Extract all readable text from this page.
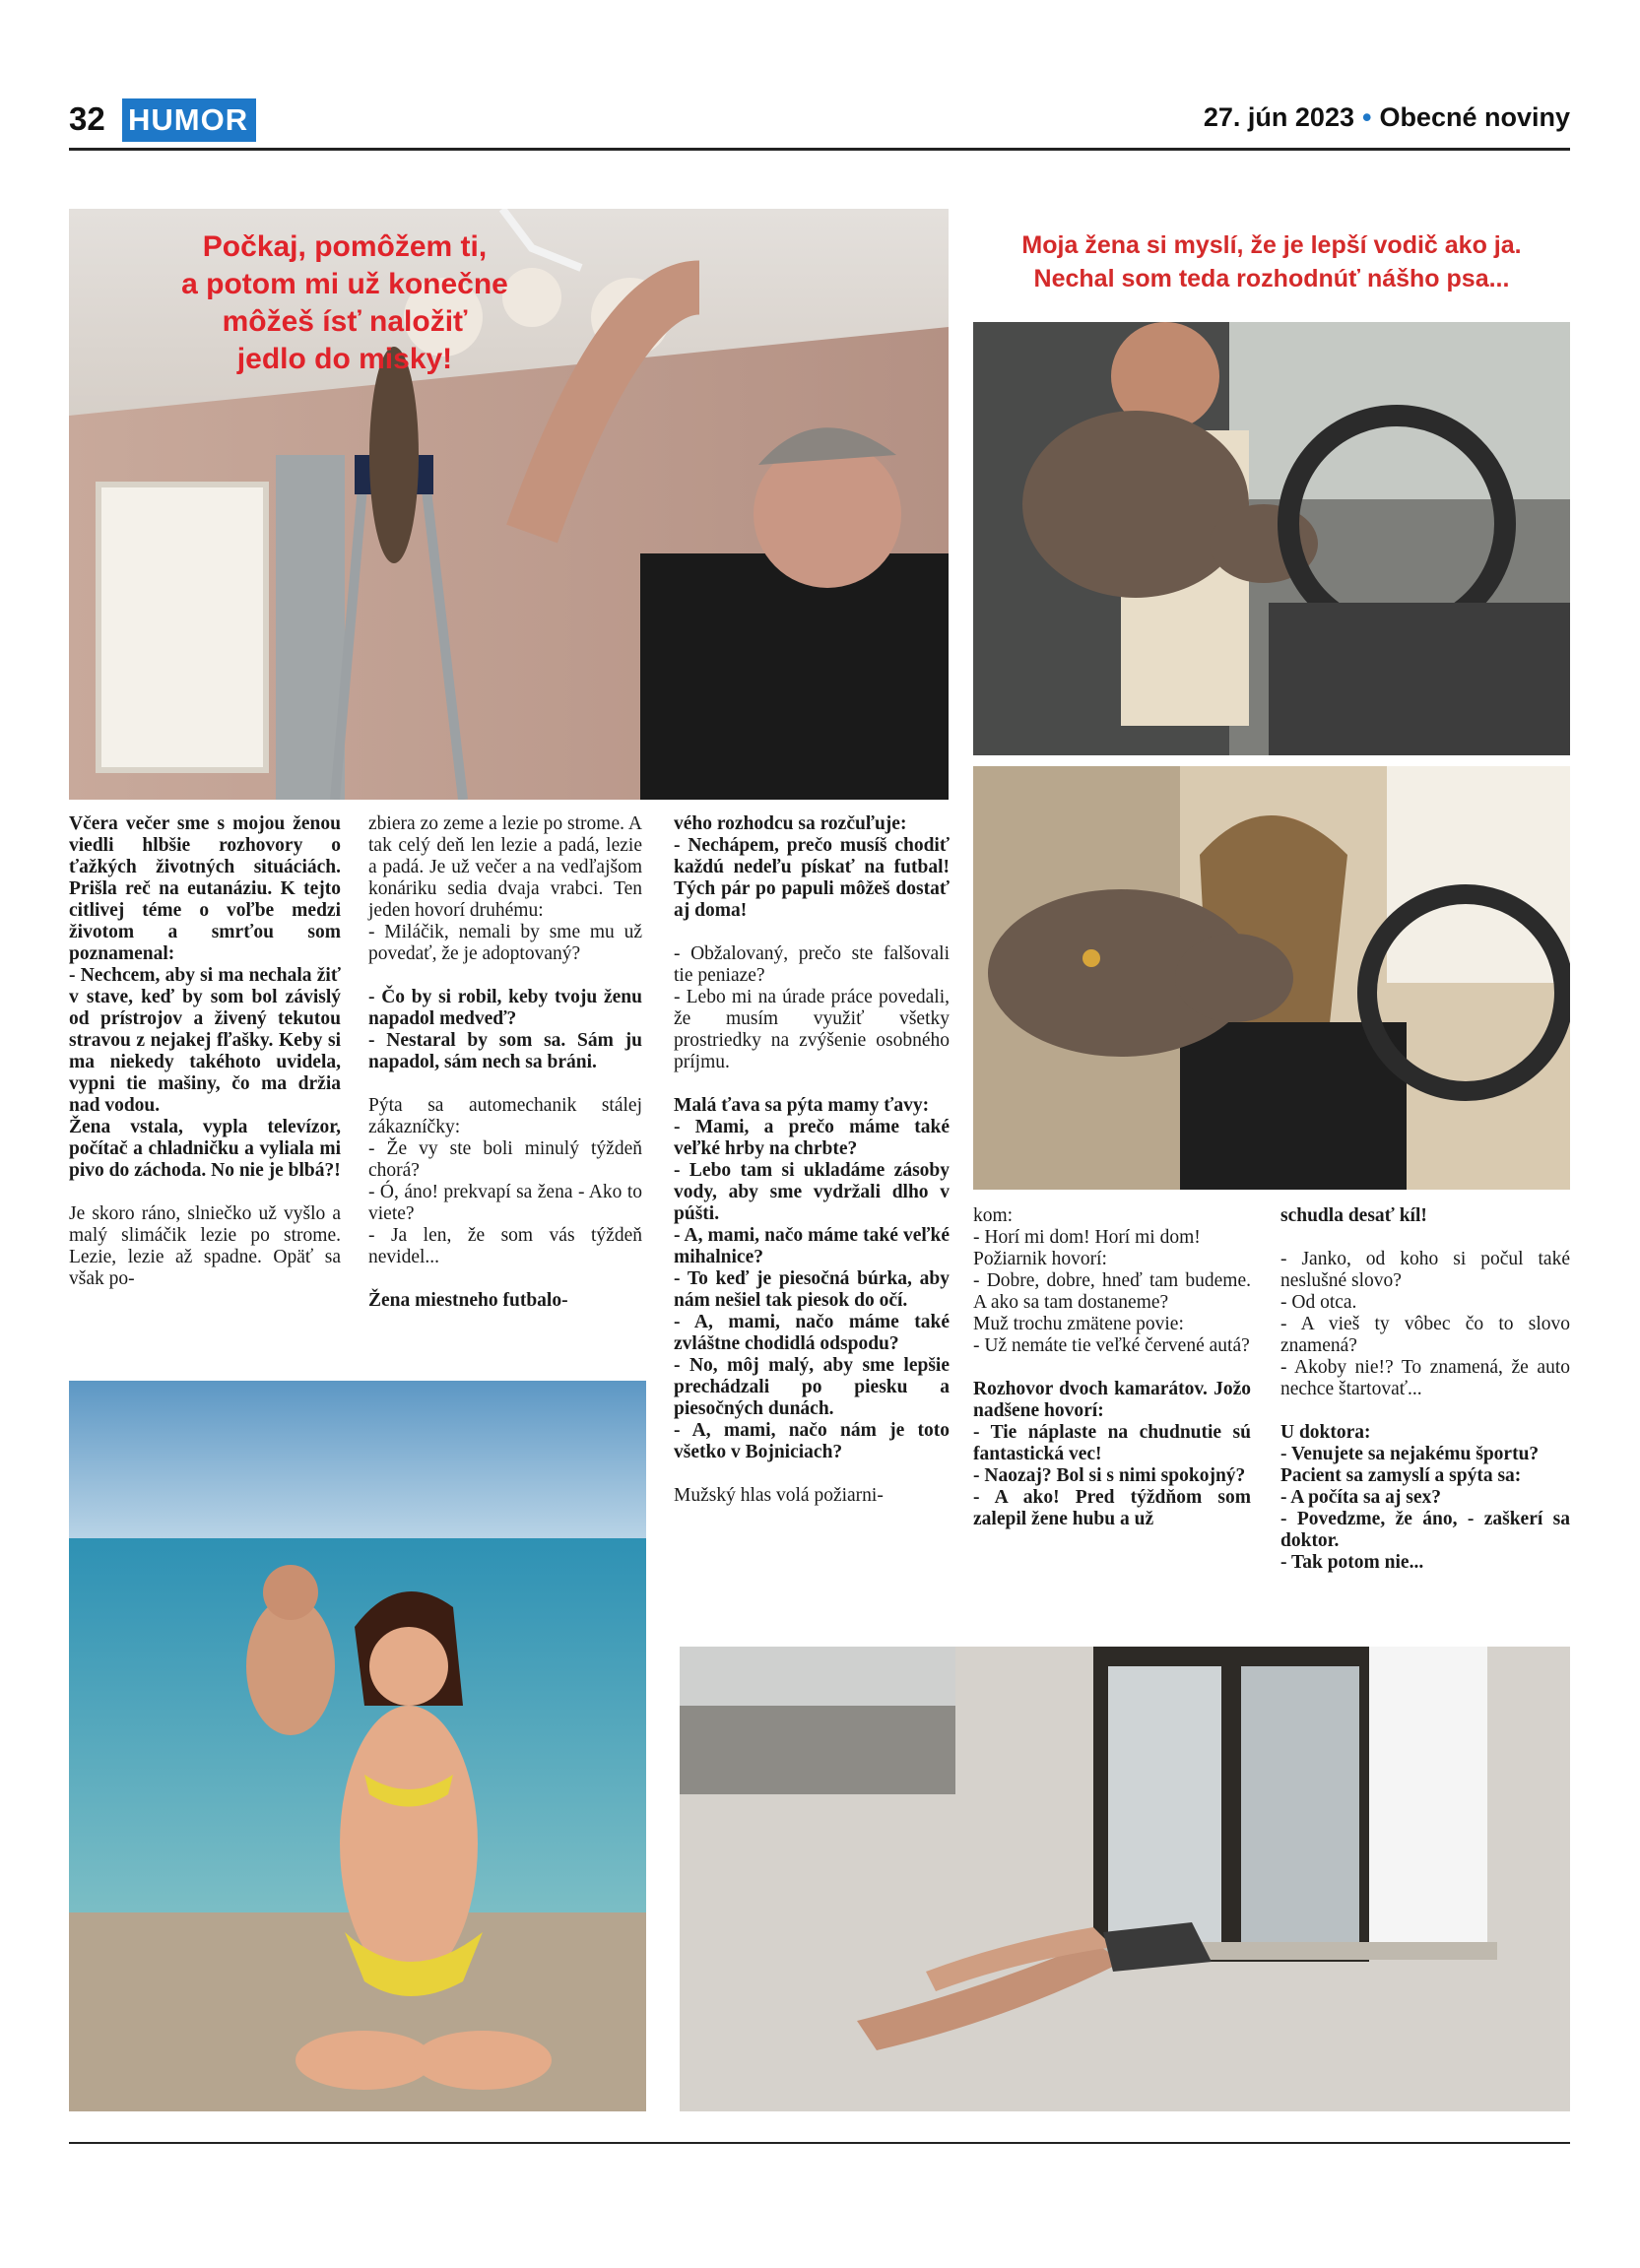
32 HUMOR	27. jún 2023 • Obecné noviny
Počkaj, pomôžem ti,
a potom mi už konečne
môžeš ísť naložiť
jedlo do misky!
Moja žena si myslí, že je lepší vodič ako ja.
Nechal som teda rozhodnúť nášho psa...

Včera večer sme s mojou ženou viedli hlbšie rozhovory o ťažkých životných situáciách. Prišla reč na eutanáziu. K tejto citlivej téme o voľbe medzi životom a smrťou som poznamenal:

- Nechcem, aby si ma nechala žiť v stave, keď by som bol závislý od prístrojov a živený tekutou stravou z nejakej fľašky. Keby si ma niekedy takéhoto uvidela, vypni tie mašiny, čo ma držia nad vodou.

Žena vstala, vypla televízor, počítač a chladničku a vyliala mi pivo do záchoda. No nie je blbá?!

Je skoro ráno, slniečko už vyšlo a malý slimáčik lezie po strome. Lezie, lezie až spadne. Opäť sa však po-

zbiera zo zeme a lezie po strome. A tak celý deň len lezie a padá, lezie a padá. Je už večer a na vedľajšom konáriku sedia dvaja vrabci. Ten jeden hovorí druhému:

- Miláčik, nemali by sme mu už povedať, že je adoptovaný?

- Čo by si robil, keby tvoju ženu napadol medveď?

- Nestaral by som sa. Sám ju napadol, sám nech sa bráni.

Pýta sa automechanik stálej zákazníčky:

- Že vy ste boli minulý týždeň chorá?

- Ó, áno! prekvapí sa žena - Ako to viete?

- Ja len, že som vás týždeň nevidel...

Žena miestneho futbalo-

vého rozhodcu sa rozčuľuje:

- Nechápem, prečo musíš chodiť každú nedeľu pískať na futbal! Tých pár po papuli môžeš dostať aj doma!

- Obžalovaný, prečo ste falšovali tie peniaze?

- Lebo mi na úrade práce povedali, že musím využiť všetky prostriedky na zvýšenie osobného príjmu.

Malá ťava sa pýta mamy ťavy:

- Mami, a prečo máme také veľké hrby na chrbte?

- Lebo tam si ukladáme zásoby vody, aby sme vydržali dlho v púšti.

- A, mami, načo máme také veľké mihalnice?

- To keď je piesočná búrka, aby nám nešiel tak piesok do očí.

- A, mami, načo máme také zvláštne chodidlá odspodu?

- No, môj malý, aby sme lepšie prechádzali po piesku a piesočných dunách.

- A, mami, načo nám je toto všetko v Bojniciach?

Mužský hlas volá požiarni-

kom:

- Horí mi dom! Horí mi dom!

Požiarnik hovorí:

- Dobre, dobre, hneď tam budeme. A ako sa tam dostaneme?

Muž trochu zmätene povie:

- Už nemáte tie veľké červené autá?

Rozhovor dvoch kamarátov. Jožo nadšene hovorí:

- Tie náplaste na chudnutie sú fantastická vec!

- Naozaj? Bol si s nimi spokojný?

- A ako! Pred týždňom som zalepil žene hubu a už

schudla desať kíl!

- Janko, od koho si počul také neslušné slovo?

- Od otca.

- A vieš ty vôbec čo to slovo znamená?

- Akoby nie!? To znamená, že auto nechce štartovať...

U doktora:

- Venujete sa nejakému športu?

Pacient sa zamyslí a spýta sa:

- A počíta sa aj sex?

- Povedzme, že áno, - zaškerí sa doktor.

- Tak potom nie...
